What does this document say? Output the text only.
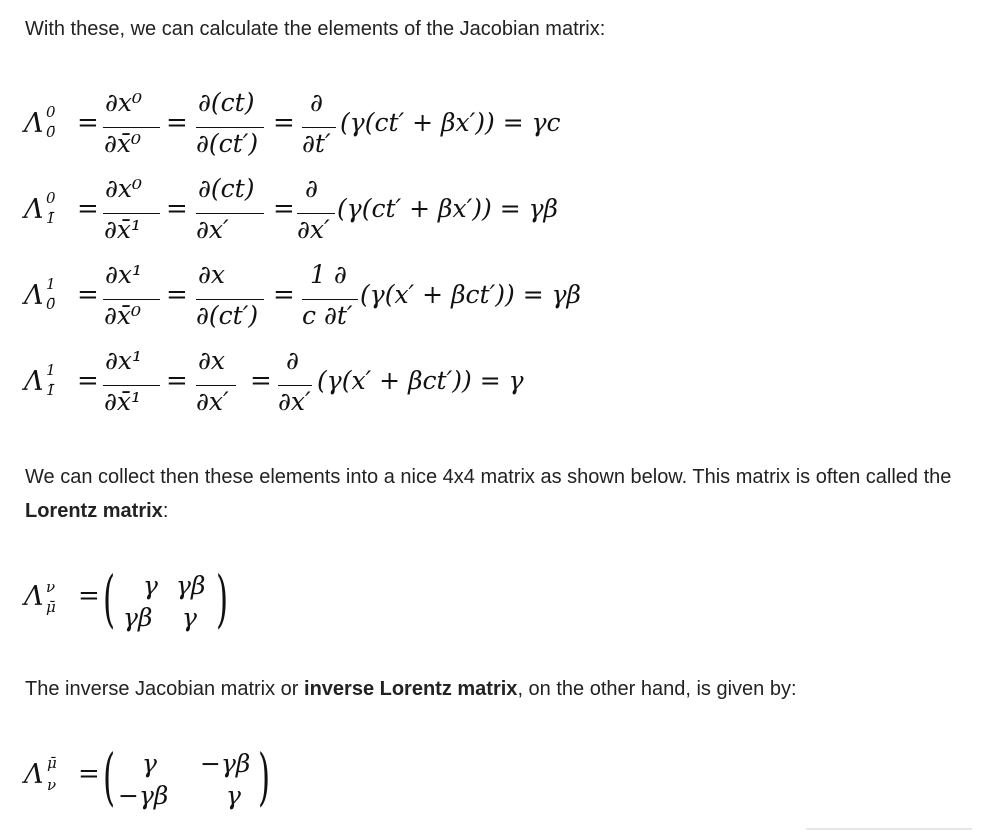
With these, we can calculate the elements of the Jacobian matrix:

Λ 0
0̄ =
∂x⁰
∂x̄⁰
=
∂(ct)
∂(ct′)
=
∂
∂t′
(γ(ct′ + βx′)) = γc
Λ 0
1̄ =
∂x⁰
∂x̄¹
=
∂(ct)
∂x′
=
∂
∂x′
(γ(ct′ + βx′)) = γβ
Λ 1
0̄ =
∂x¹
∂x̄⁰
=
∂x
∂(ct′)
=
1 ∂
c ∂t′
(γ(x′ + βct′)) = γβ
Λ 1
1̄ =
∂x¹
∂x̄¹
=
∂x
∂x′
=
∂
∂x′
(γ(x′ + βct′)) = γ

We can collect then these elements into a nice 4x4 matrix as shown below. This matrix is often called the Lorentz matrix:

Λ ν
μ̄ = ( γ γβ
γβ γ )

The inverse Jacobian matrix or inverse Lorentz matrix, on the other hand, is given by:

Λ μ̄
ν = ( γ −γβ
−γβ γ )
